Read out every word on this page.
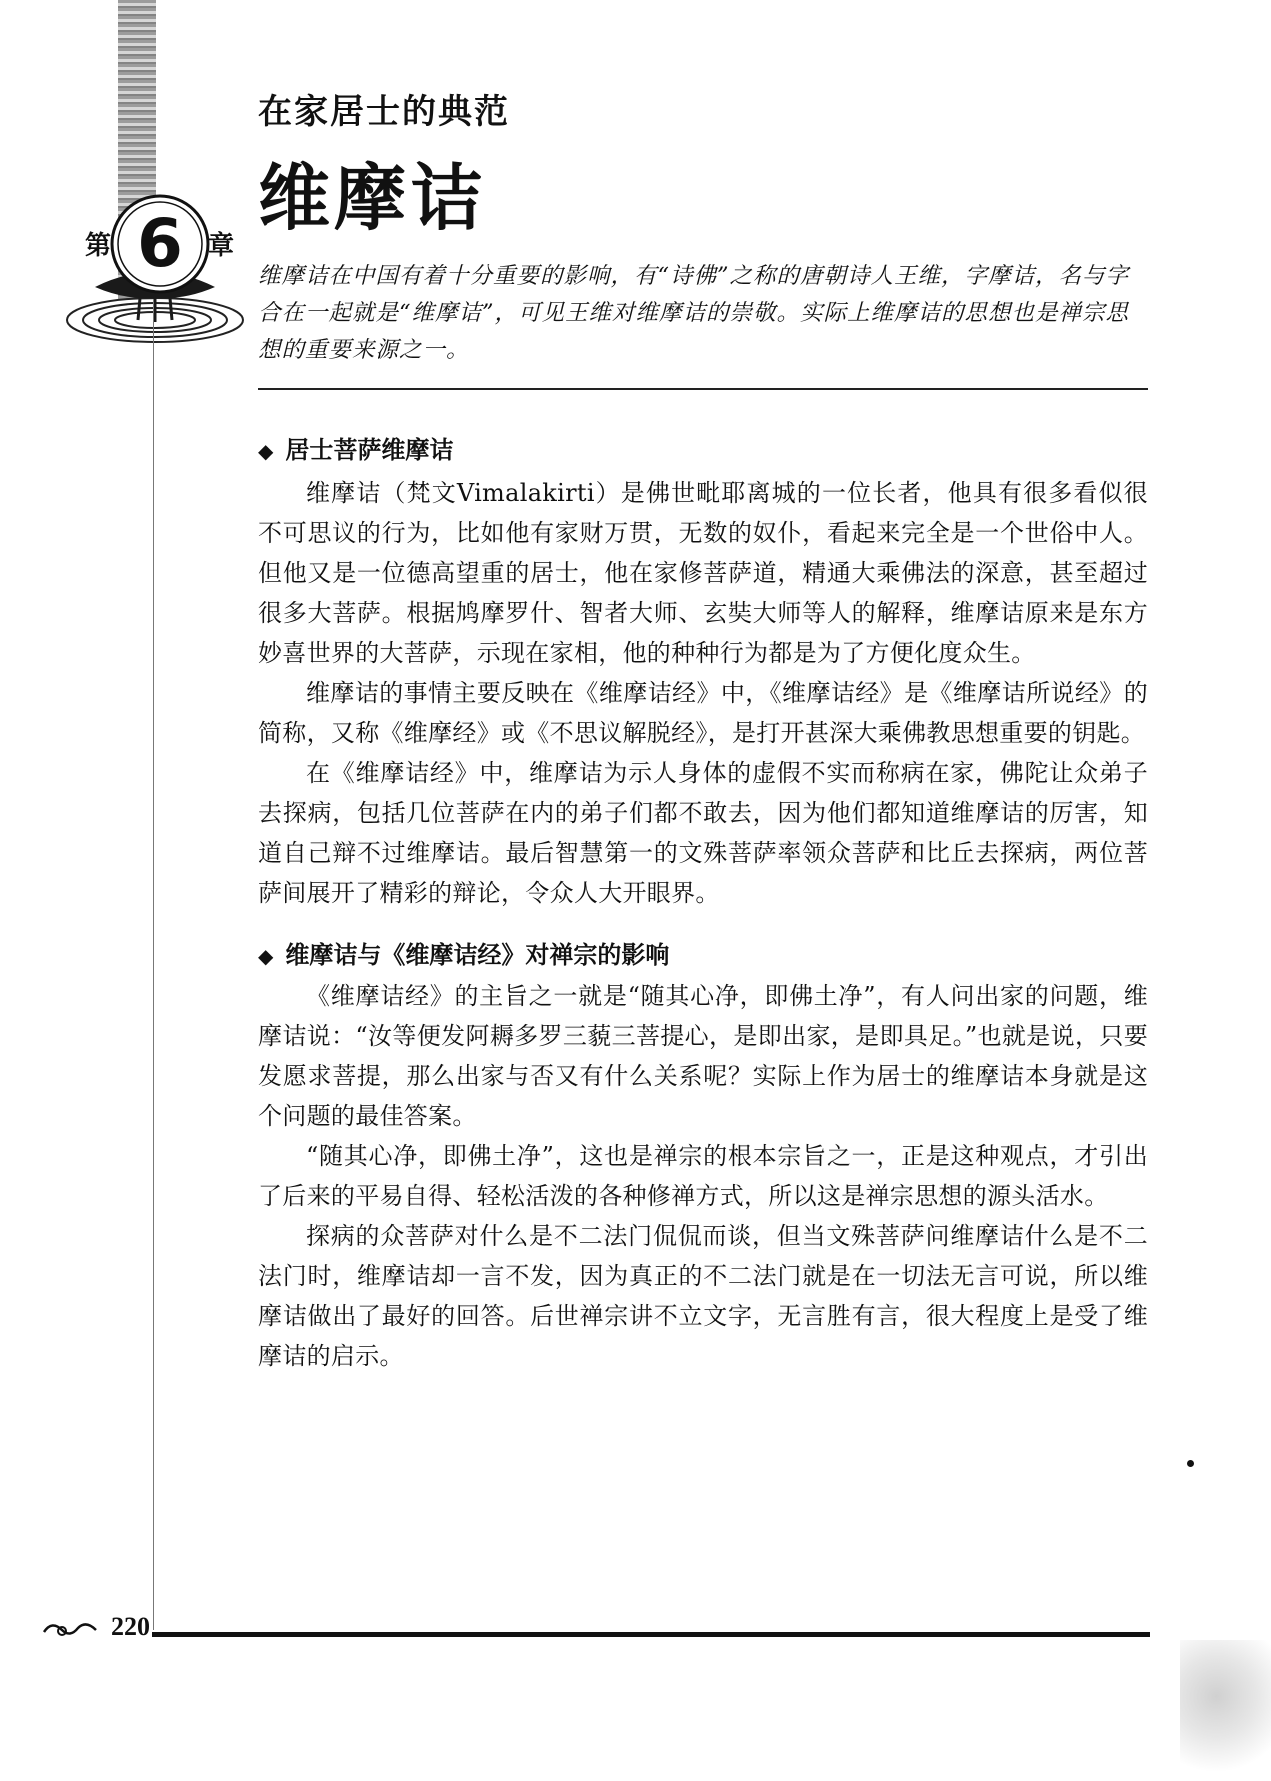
第 6 章
在家居士的典范
维摩诘

维摩诘在中国有着十分重要的影响，有“诗佛”之称的唐朝诗人王维，字摩诘，名与字合在一起就是“维摩诘”，可见王维对维摩诘的崇敬。实际上维摩诘的思想也是禅宗思想的重要来源之一。

◆ 居士菩萨维摩诘

维摩诘（梵文Vimalakirti）是佛世毗耶离城的一位长者，他具有很多看似很不可思议的行为，比如他有家财万贯，无数的奴仆，看起来完全是一个世俗中人。但他又是一位德高望重的居士，他在家修菩萨道，精通大乘佛法的深意，甚至超过很多大菩萨。根据鸠摩罗什、智者大师、玄奘大师等人的解释，维摩诘原来是东方妙喜世界的大菩萨，示现在家相，他的种种行为都是为了方便化度众生。

维摩诘的事情主要反映在《维摩诘经》中，《维摩诘经》是《维摩诘所说经》的简称，又称《维摩经》或《不思议解脱经》，是打开甚深大乘佛教思想重要的钥匙。

在《维摩诘经》中，维摩诘为示人身体的虚假不实而称病在家，佛陀让众弟子去探病，包括几位菩萨在内的弟子们都不敢去，因为他们都知道维摩诘的厉害，知道自己辩不过维摩诘。最后智慧第一的文殊菩萨率领众菩萨和比丘去探病，两位菩萨间展开了精彩的辩论，令众人大开眼界。

◆ 维摩诘与《维摩诘经》对禅宗的影响

《维摩诘经》的主旨之一就是“随其心净，即佛土净”，有人问出家的问题，维摩诘说：“汝等便发阿耨多罗三藐三菩提心，是即出家，是即具足。”也就是说，只要发愿求菩提，那么出家与否又有什么关系呢？实际上作为居士的维摩诘本身就是这个问题的最佳答案。

“随其心净，即佛土净”，这也是禅宗的根本宗旨之一，正是这种观点，才引出了后来的平易自得、轻松活泼的各种修禅方式，所以这是禅宗思想的源头活水。

探病的众菩萨对什么是不二法门侃侃而谈，但当文殊菩萨问维摩诘什么是不二法门时，维摩诘却一言不发，因为真正的不二法门就是在一切法无言可说，所以维摩诘做出了最好的回答。后世禅宗讲不立文字，无言胜有言，很大程度上是受了维摩诘的启示。

220
